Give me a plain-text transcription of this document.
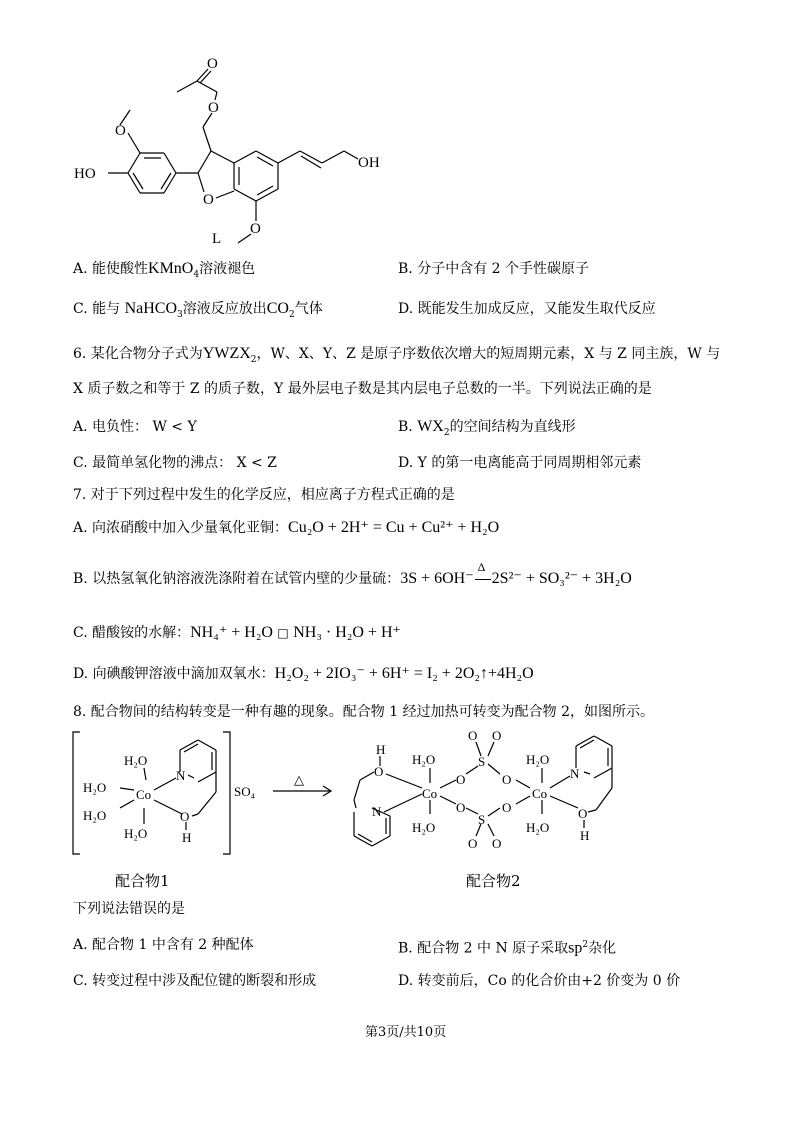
O
O
O
HO
O
OH
O
L
A. 能使酸性KMnO$_4$溶液褪色	B. 分子中含有 2 个手性碳原子
C. 能与 NaHCO$_3$溶液反应放出$CO_2$气体	D. 既能发生加成反应，又能发生取代反应
6. 某化合物分子式为$YWZX_2$，W、X、Y、Z 是原子序数依次增大的短周期元素，X 与 Z 同主族，W 与
X 质子数之和等于 Z 的质子数，Y 最外层电子数是其内层电子总数的一半。下列说法正确的是
A. 电负性： W < Y	B. $WX_2$的空间结构为直线形
C. 最简单氢化物的沸点： X < Z	D. Y 的第一电离能高于同周期相邻元素
7. 对于下列过程中发生的化学反应，相应离子方程式正确的是
A. 向浓硝酸中加入少量氧化亚铜：Cu₂O + 2H⁺ = Cu + Cu²⁺ + H₂O
B. 以热氢氧化钠溶液洗涤附着在试管内壁的少量硫：3S + 6OH⁻
Δ
2S²⁻ + SO₃²⁻ + 3H₂O
C. 醋酸铵的水解：NH₄⁺ + H₂O □ NH₃ · H₂O + H⁺
D. 向碘酸钾溶液中滴加双氧水：H₂O₂ + 2IO₃⁻ + 6H⁺ = I₂ + 2O₂↑+4H₂O
8. 配合物间的结构转变是一种有趣的现象。配合物 1 经过加热可转变为配合物 2，如图所示。
H₂O
H₂O Co
N
H₂O	O
H₂O	H
SO₄
△
H
O
H₂O
N
Co
H₂O
O
O
S
S
O O
O O
O
O
Co
H₂O
H₂O
N
O
H
配合物1	配合物2
下列说法错误的是
A. 配合物 1 中含有 2 种配体	B. 配合物 2 中 N 原子采取$sp^2$杂化
C. 转变过程中涉及配位键的断裂和形成	D. 转变前后，Co 的化合价由+2 价变为 0 价
第3页/共10页
